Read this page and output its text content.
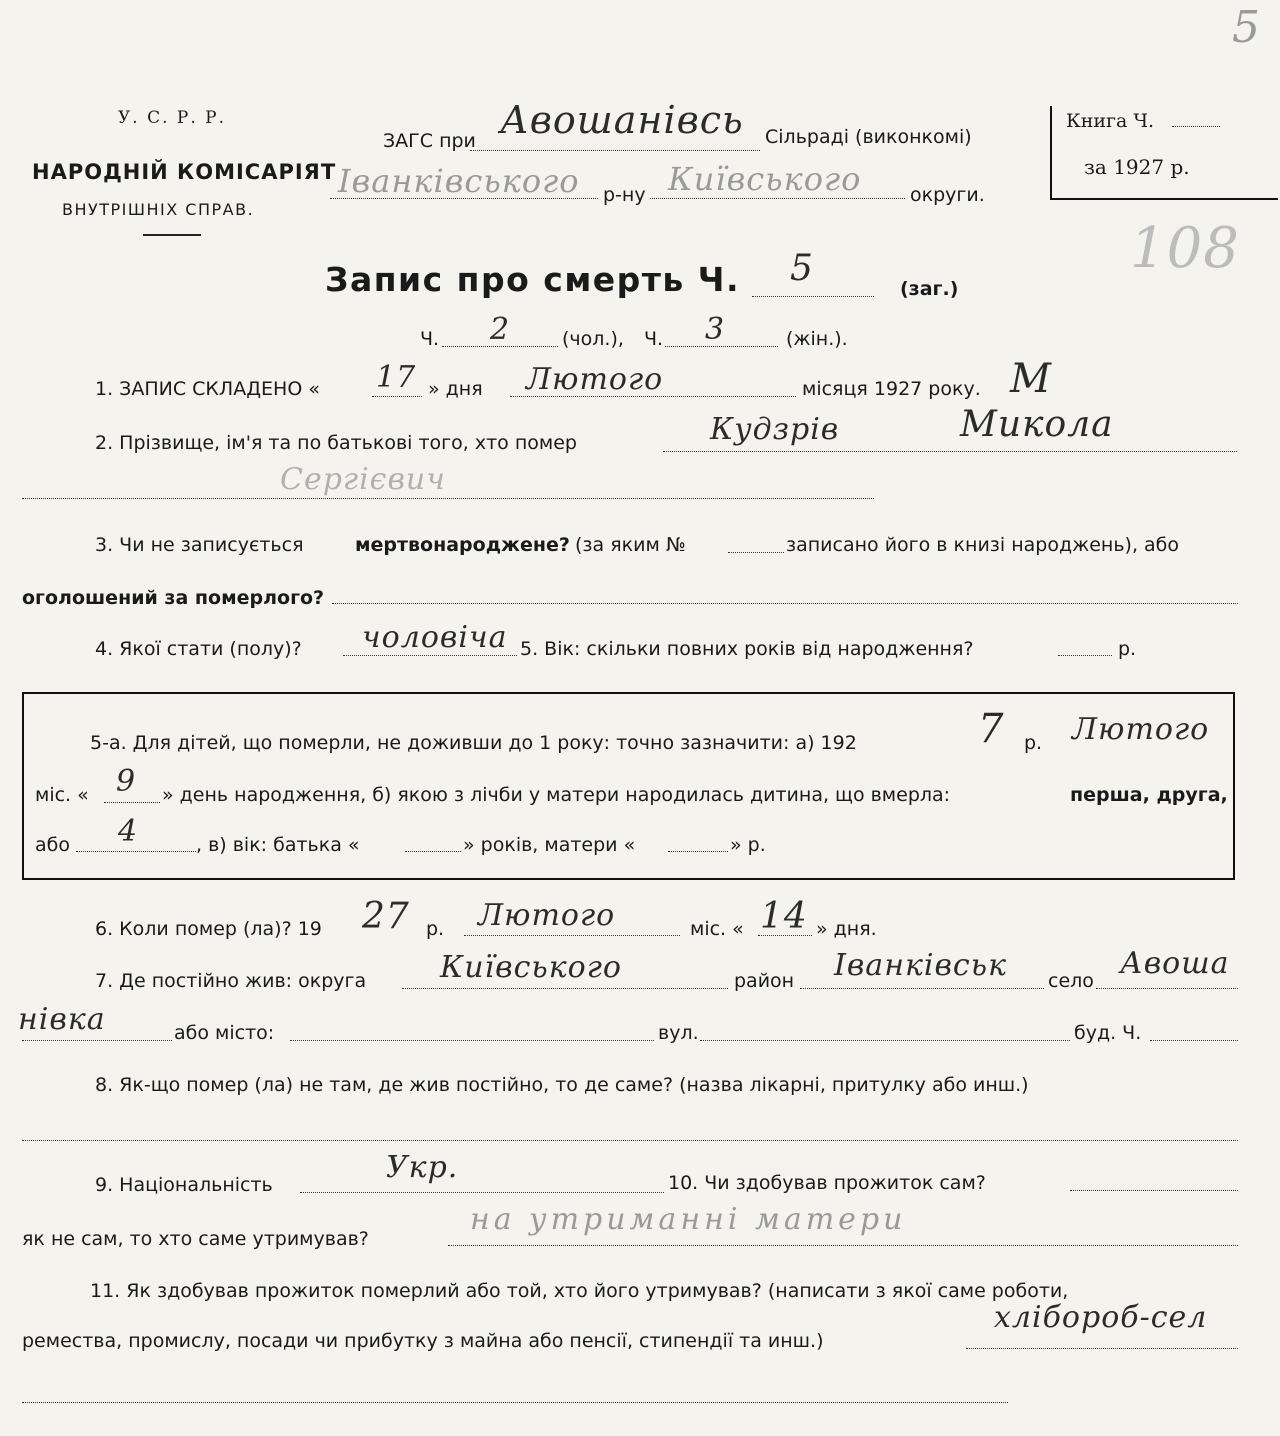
У. С. Р. Р.
НАРОДНІЙ КОМІСАРІЯТ
ВНУТРІШНІХ СПРАВ.
ЗАГС при Авошанівсь Сільраді (виконкомі)
Іванківського р-ну Київського	округи.
Книга Ч.
за 1927 р.
5
108
Запис про смерть Ч. 5	(заг.)
Ч. 2	(чол.), Ч. 3	(жін.).
1. ЗАПИС СКЛАДЕНО « 17 » дня Лютого	місяця 1927 року. M
2. Прізвище, ім'я та по батькові того, хто помер	Кудзрів	Микола
Сергієвич
3. Чи не записується	мертвонароджене? (за яким №	записано його в книзі народжень), або
оголошений за померлого?
4. Якої стати (полу)? чоловіча 5. Вік: скільки повних років від народження?	р.
5-а. Для дітей, що померли, не доживши до 1 року: точно зазначити: а) 192	7 р. Лютого
міс. « 9 » день народження, б) якою з лічби у матери народилась дитина, що вмерла:	перша, друга,
або 4	, в) вік: батька «	» років, матери «	» р.
6. Коли помер (ла)? 19 27 р. Лютого	міс. « 14 » дня.
7. Де постійно жив: округа Київського	район Іванківськ село Авоша
нівка	або місто:	вул.	буд. Ч.
8. Як-що помер (ла) не там, де жив постійно, то де саме? (назва лікарні, притулку або инш.)
9. Національність	Укр.	10. Чи здобував прожиток сам?
як не сам, то хто саме утримував?
на утриманні матери
11. Як здобував прожиток померлий або той, хто його утримував? (написати з якої саме роботи,
ремества, промислу, посади чи прибутку з майна або пенсії, стипендії та инш.)
хлібороб-сел
